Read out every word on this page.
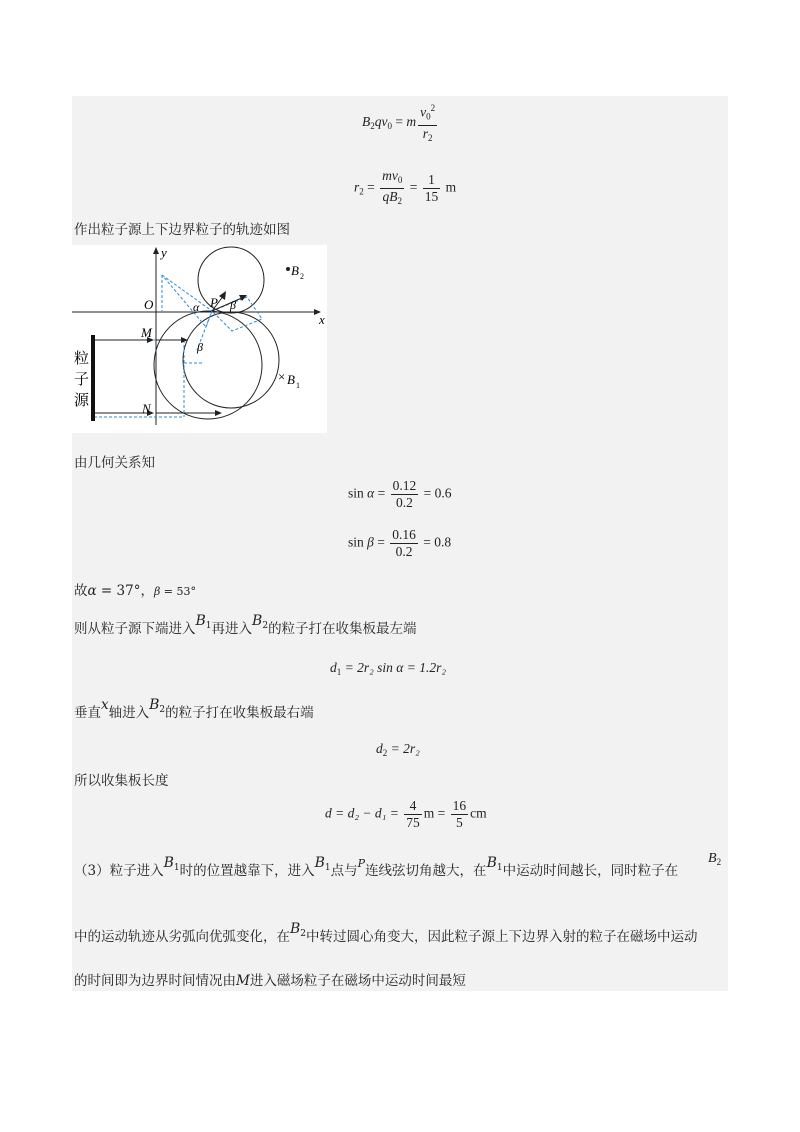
$B_2qv_0 = m \frac{v_0^2}{r_2}$
$r_2 = \frac{mv_0}{qB_2} = \frac{1}{15}$ m
作出粒子源上下边界粒子的轨迹如图
y
x
O
M
N
P
α	β
β
B 2
× B 1
粒
子
源
由几何关系知
$\sin \alpha = \frac{0.12}{0.2} = 0.6$
$\sin \beta = \frac{0.16}{0.2} = 0.8$
故α = 37°，β = 53°
则从粒子源下端进入$B_1$再进入$B_2$的粒子打在收集板最左端
$d_1 = 2r_2$ sin α = 1.2r₂
垂直x轴进入$B_2$的粒子打在收集板最右端
$d_2 = 2r_2$
所以收集板长度
$d = d_2 - d_1 = \frac{4}{75}$ $m = \frac{16}{5}$ cm
（3）粒子进入$B_1$时的位置越靠下，进入$B_1$点与$^P$连线弦切角越大，在$B_1$中运动时间越长，同时粒子在
$B_2$
中的运动轨迹从劣弧向优弧变化，在$B_2$中转过圆心角变大，因此粒子源上下边界入射的粒子在磁场中运动
的时间即为边界时间情况由M进入磁场粒子在磁场中运动时间最短
